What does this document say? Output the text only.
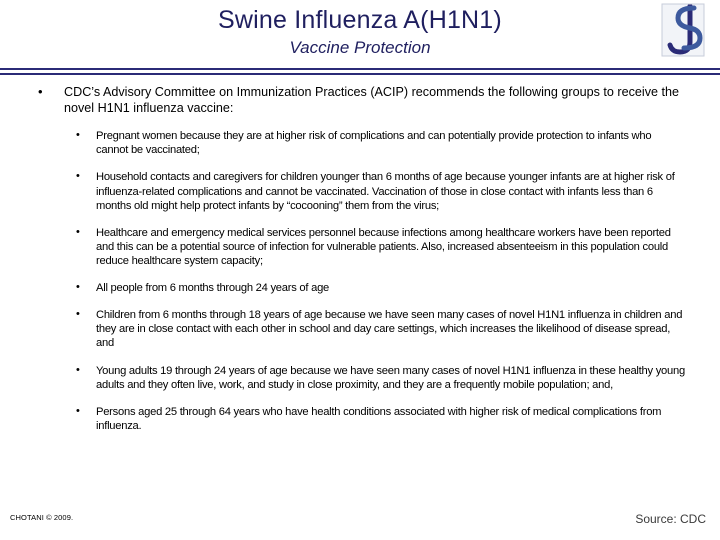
Swine Influenza A(H1N1)
Vaccine Protection
• CDC’s Advisory Committee on Immunization Practices (ACIP) recommends the following groups to receive the novel H1N1 influenza vaccine:
• Pregnant women because they are at higher risk of complications and can potentially provide protection to infants who cannot be vaccinated;
• Household contacts and caregivers for children younger than 6 months of age because younger infants are at higher risk of influenza-related complications and cannot be vaccinated. Vaccination of those in close contact with infants less than 6 months old might help protect infants by “cocooning” them from the virus;
• Healthcare and emergency medical services personnel because infections among healthcare workers have been reported and this can be a potential source of infection for vulnerable patients. Also, increased absenteeism in this population could reduce healthcare system capacity;
• All people from 6 months through 24 years of age
• Children from 6 months through 18 years of age because we have seen many cases of novel H1N1 influenza in children and they are in close contact with each other in school and day care settings, which increases the likelihood of disease spread, and
• Young adults 19 through 24 years of age because we have seen many cases of novel H1N1 influenza in these healthy young adults and they often live, work, and study in close proximity, and they are a frequently mobile population; and,
• Persons aged 25 through 64 years who have health conditions associated with higher risk of medical complications from influenza.
CHOTANI © 2009.	Source: CDC
